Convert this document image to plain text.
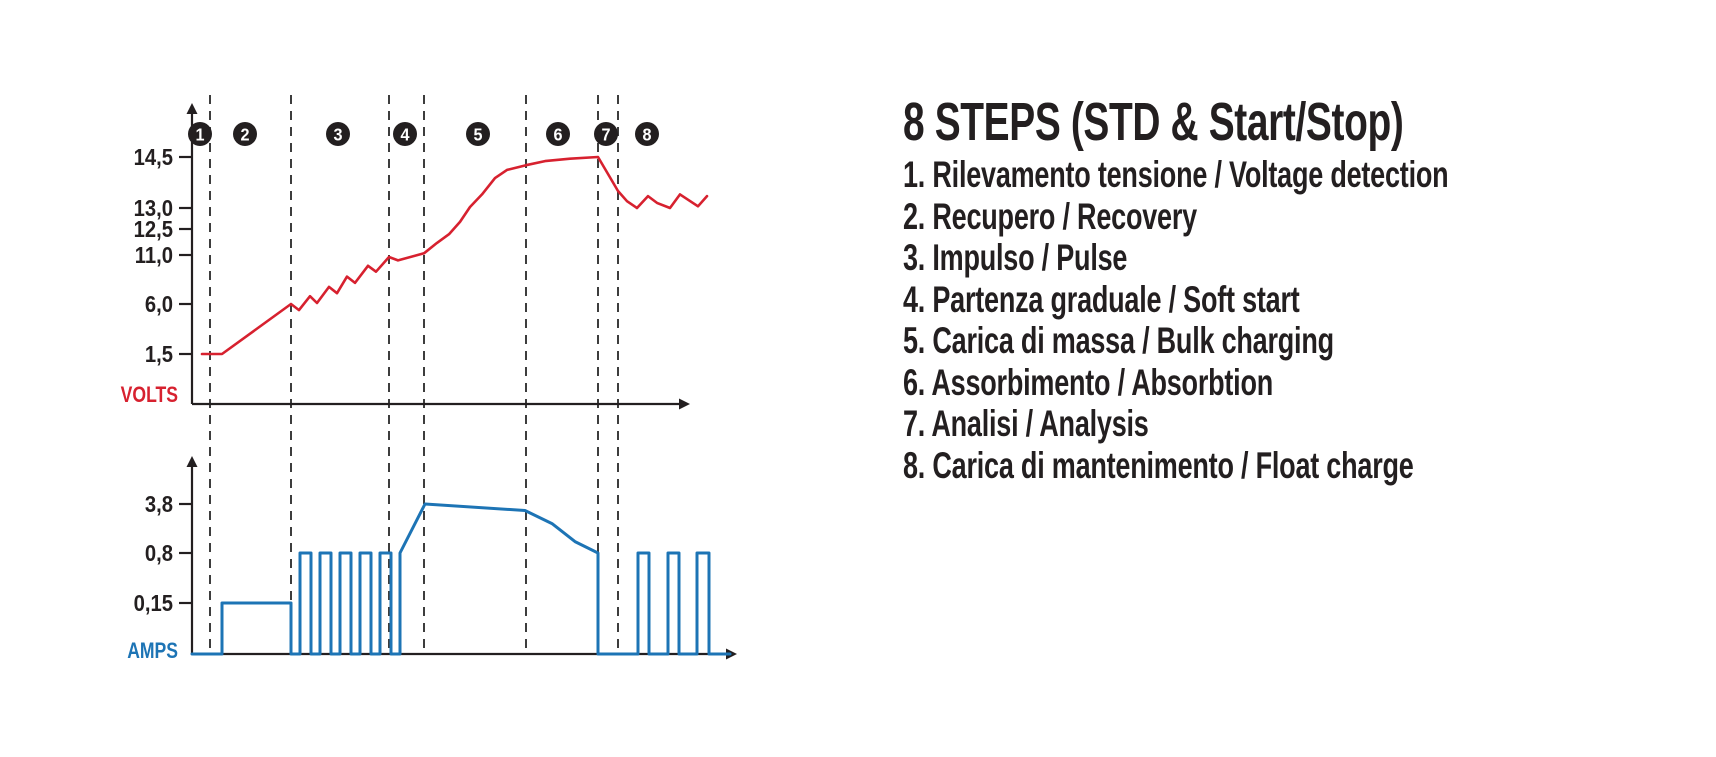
14,5
13,0
12,5
11,0
6,0
1,5
VOLTS
3,8
0,8
0,15
AMPS
1 2	3	4	5	6 7 8	8 STEPS (STD & Start/Stop)
1. Rilevamento tensione / Voltage detection
2. Recupero / Recovery
3. Impulso / Pulse
4. Partenza graduale / Soft start
5. Carica di massa / Bulk charging
6. Assorbimento / Absorbtion
7. Analisi / Analysis
8. Carica di mantenimento / Float charge
